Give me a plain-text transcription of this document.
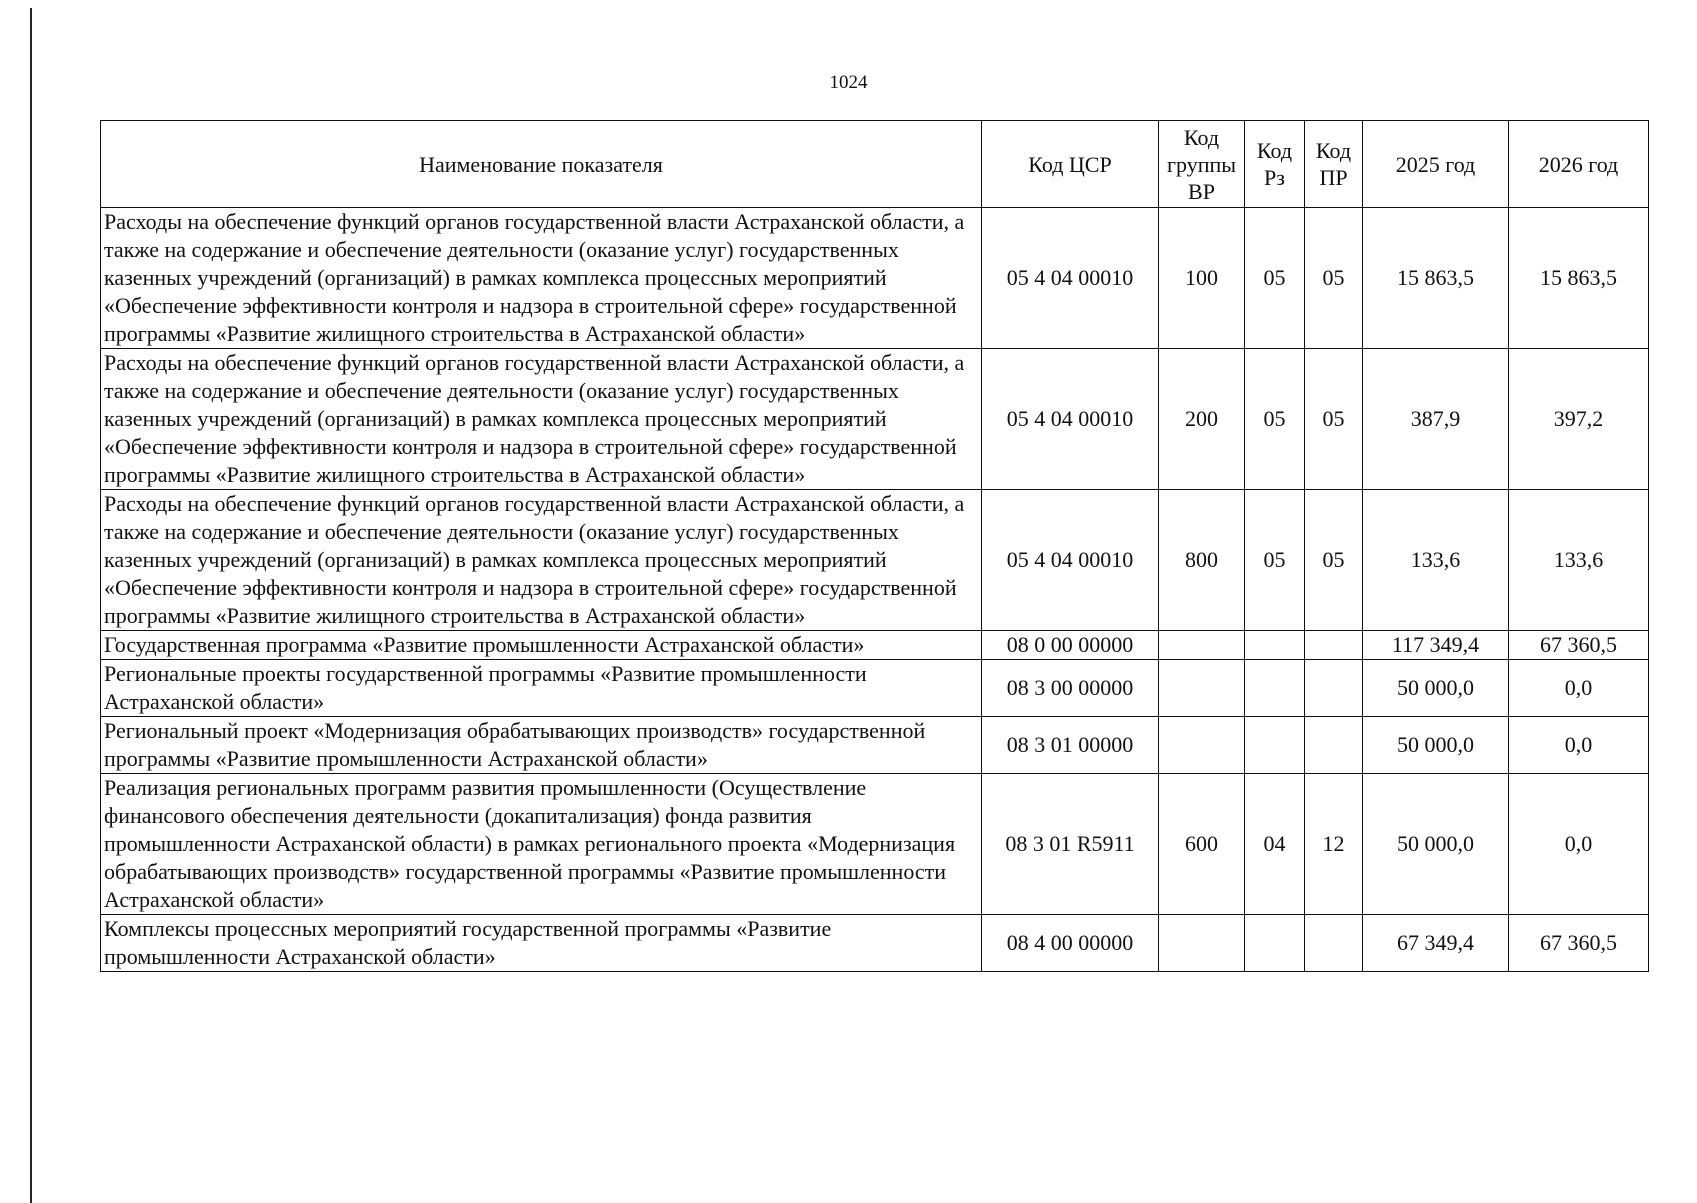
1024
Наименование показателя	Код ЦСР	Код группы ВР	Код Рз	Код ПР	2025 год	2026 год
Расходы на обеспечение функций органов государственной власти Астраханской области, а также на содержание и обеспечение деятельности (оказание услуг) государственных казенных учреждений (организаций) в рамках комплекса процессных мероприятий «Обеспечение эффективности контроля и надзора в строительной сфере» государственной программы «Развитие жилищного строительства в Астраханской области»	05 4 04 00010	100	05	05	15 863,5	15 863,5
Расходы на обеспечение функций органов государственной власти Астраханской области, а также на содержание и обеспечение деятельности (оказание услуг) государственных казенных учреждений (организаций) в рамках комплекса процессных мероприятий «Обеспечение эффективности контроля и надзора в строительной сфере» государственной программы «Развитие жилищного строительства в Астраханской области»	05 4 04 00010	200	05	05	387,9	397,2
Расходы на обеспечение функций органов государственной власти Астраханской области, а также на содержание и обеспечение деятельности (оказание услуг) государственных казенных учреждений (организаций) в рамках комплекса процессных мероприятий «Обеспечение эффективности контроля и надзора в строительной сфере» государственной программы «Развитие жилищного строительства в Астраханской области»	05 4 04 00010	800	05	05	133,6	133,6
Государственная программа «Развитие промышленности Астраханской области»	08 0 00 00000				117 349,4	67 360,5
Региональные проекты государственной программы «Развитие промышленности Астраханской области»	08 3 00 00000				50 000,0	0,0
Региональный проект «Модернизация обрабатывающих производств» государственной программы «Развитие промышленности Астраханской области»	08 3 01 00000				50 000,0	0,0
Реализация региональных программ развития промышленности (Осуществление финансового обеспечения деятельности (докапитализация) фонда развития промышленности Астраханской области) в рамках регионального проекта «Модернизация обрабатывающих производств» государственной программы «Развитие промышленности Астраханской области»	08 3 01 R5911	600	04	12	50 000,0	0,0
Комплексы процессных мероприятий государственной программы «Развитие промышленности Астраханской области»	08 4 00 00000				67 349,4	67 360,5
